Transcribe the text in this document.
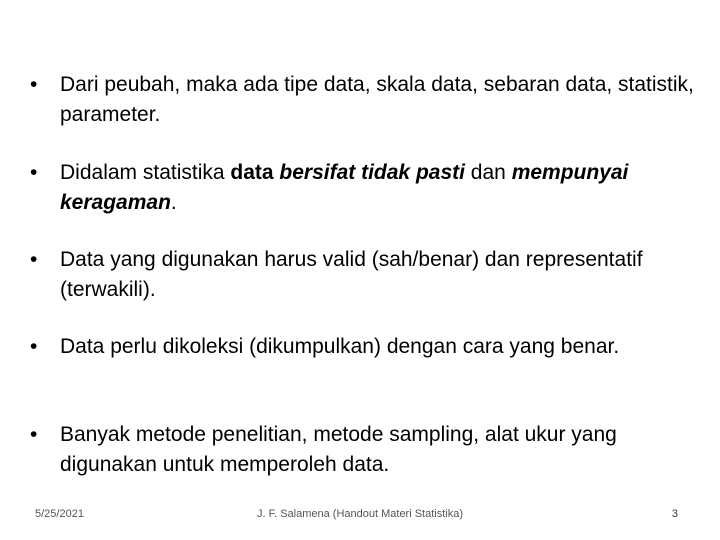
•	Dari peubah, maka ada tipe data, skala data, sebaran data, statistik, parameter.
•	Didalam statistika data bersifat tidak pasti dan mempunyai keragaman.
•	Data yang digunakan harus valid (sah/benar) dan representatif (terwakili).
•	Data perlu dikoleksi (dikumpulkan) dengan cara yang benar.
•	Banyak metode penelitian, metode sampling, alat ukur yang digunakan untuk memperoleh data.
J. F. Salamena (Handout Materi Statistika)
5/25/2021	3
